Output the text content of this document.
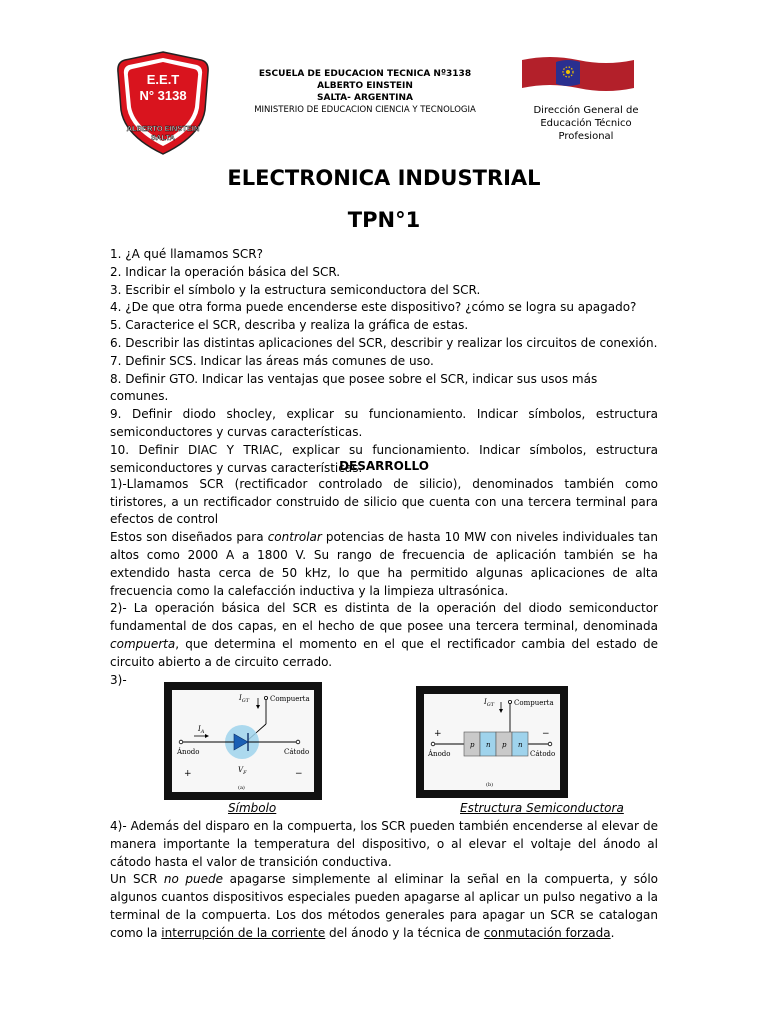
E.E.T
N° 3138
ALBERTO EINSTEIN
SALTA
ESCUELA DE EDUCACION TECNICA Nº3138
ALBERTO EINSTEIN
SALTA- ARGENTINA
MINISTERIO DE EDUCACION CIENCIA Y TECNOLOGIA	Dirección General de
Educación Técnico
Profesional
ELECTRONICA INDUSTRIAL
TPN°1

1. ¿A qué llamamos SCR?

2. Indicar la operación básica del SCR.

3. Escribir el símbolo y la estructura semiconductora del SCR.

4. ¿De que otra forma puede encenderse este dispositivo? ¿cómo se logra su apagado?

5. Caracterice el SCR, describa y realiza la gráfica de estas.

6. Describir las distintas aplicaciones del SCR, describir y realizar los circuitos de conexión.

7. Definir SCS. Indicar las áreas más comunes de uso.

8. Definir GTO. Indicar las ventajas que posee sobre el SCR, indicar sus usos más comunes.

9. Definir diodo shocley, explicar su funcionamiento. Indicar símbolos, estructura semiconductores y curvas características.

10. Definir DIAC Y TRIAC, explicar su funcionamiento. Indicar símbolos, estructura semiconductores y curvas características.

DESARROLLO

1)-Llamamos SCR (rectificador controlado de silicio), denominados también como tiristores, a un rectificador construido de silicio que cuenta con una tercera terminal para efectos de control

Estos son diseñados para controlar potencias de hasta 10 MW con niveles individuales tan altos como 2000 A a 1800 V. Su rango de frecuencia de aplicación también se ha extendido hasta cerca de 50 kHz, lo que ha permitido algunas aplicaciones de alta frecuencia como la calefacción inductiva y la limpieza ultrasónica.

2)- La operación básica del SCR es distinta de la operación del diodo semiconductor fundamental de dos capas, en el hecho de que posee una tercera terminal, denominada compuerta, que determina el momento en el que el rectificador cambia del estado de circuito abierto a de circuito cerrado.

3)-

$I_{GT}$	Compuerta
$I_A$
Ánodo	Cátodo
+	−
$V_F$
(a)
Símbolo
$I_{GT}$	Compuerta
p n p n
+	−
Ánodo	Cátodo
(b)
Estructura Semiconductora

4)- Además del disparo en la compuerta, los SCR pueden también encenderse al elevar de manera importante la temperatura del dispositivo, o al elevar el voltaje del ánodo al cátodo hasta el valor de transición conductiva.

Un SCR no puede apagarse simplemente al eliminar la señal en la compuerta, y sólo algunos cuantos dispositivos especiales pueden apagarse al aplicar un pulso negativo a la terminal de la compuerta. Los dos métodos generales para apagar un SCR se catalogan como la interrupción de la corriente del ánodo y la técnica de conmutación forzada.
